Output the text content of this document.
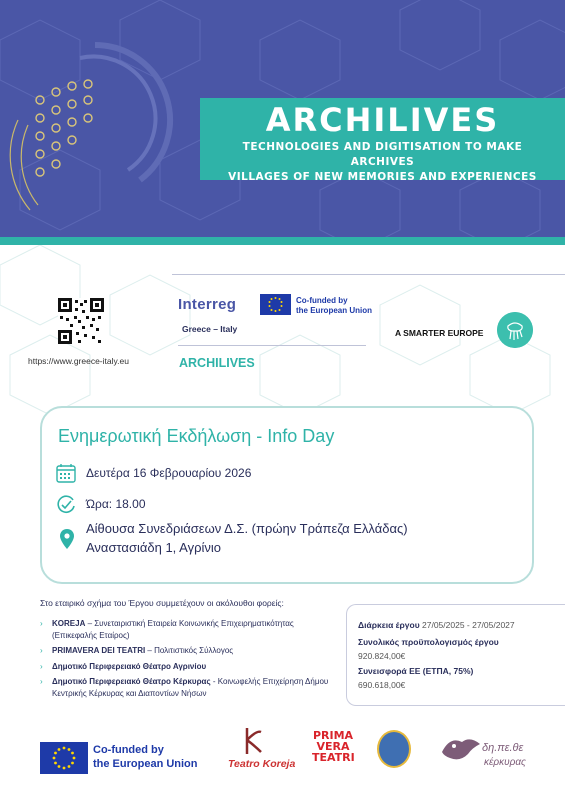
ARCHILIVES
TECHNOLOGIES AND DIGITISATION TO MAKE ARCHIVES
VILLAGES OF NEW MEMORIES AND EXPERIENCES
https://www.greece-italy.eu
Interreg
Greece – Italy
Co-funded by
the European Union
ARCHILIVES
A SMARTER EUROPE
Ενημερωτική Εκδήλωση - Info Day
Δευτέρα 16 Φεβρουαρίου 2026
Ώρα: 18.00
Αίθουσα Συνεδριάσεων Δ.Σ. (πρώην Τράπεζα Ελλάδας)
Αναστασιάδη 1, Αγρίνιο
Στο εταιρικό σχήμα του Έργου συμμετέχουν οι ακόλουθοι φορείς:
› KOREJA – Συνεταιριστική Εταιρεία Κοινωνικής Επιχειρηματικότητας (Επικεφαλής Εταίρος)
› PRIMAVERA DEI TEATRI – Πολιτιστικός Σύλλογος
› Δημοτικό Περιφερειακό Θέατρο Αγρινίου
› Δημοτικό Περιφερειακό Θέατρο Κέρκυρας - Κοινωφελής Επιχείρηση Δήμου Κεντρικής Κέρκυρας και Διαποντίων Νήσων
Διάρκεια έργου 27/05/2025 - 27/05/2027
Συνολικός προϋπολογισμός έργου
920.824,00€
Συνεισφορά ΕΕ (ΕΤΠΑ, 75%)
690.618,00€
Co-funded by
the European Union	Teatro Koreja
PRIMA
VERA
TEATRI
δη.πε.θε
κέρκυρας
